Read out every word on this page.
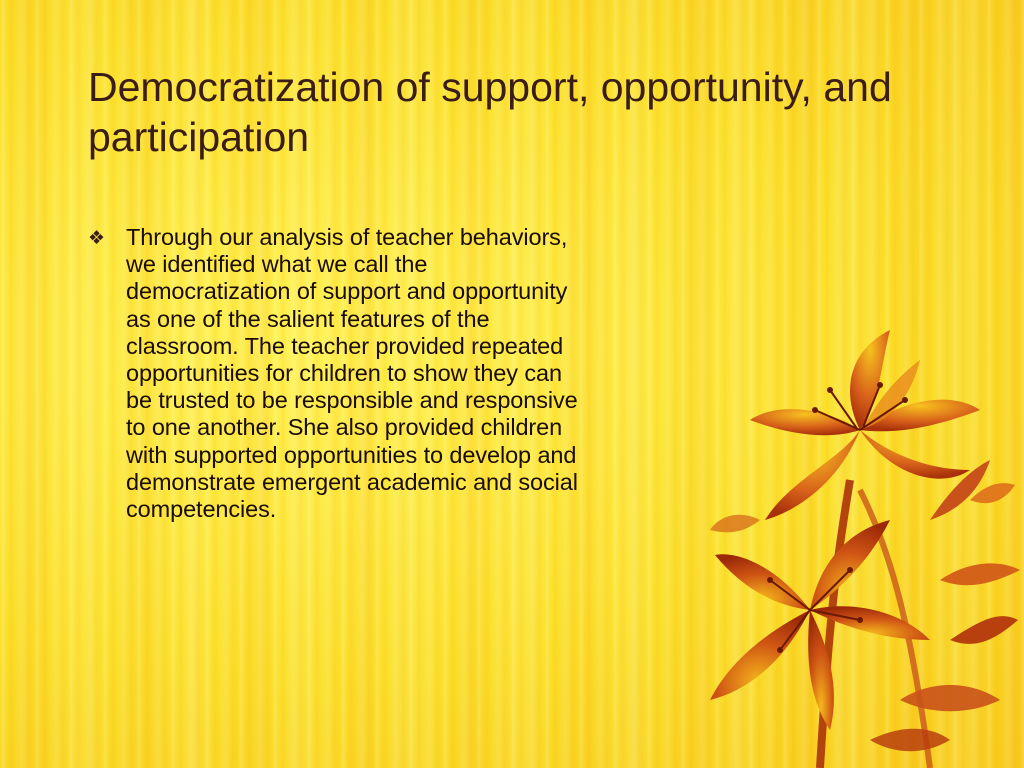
Democratization of support, opportunity, and participation
❖ Through our analysis of teacher behaviors, we identified what we call the democratization of support and opportunity as one of the salient features of the classroom. The teacher provided repeated opportunities for children to show they can be trusted to be responsible and responsive to one another. She also provided children with supported opportunities to develop and demonstrate emergent academic and social competencies.
